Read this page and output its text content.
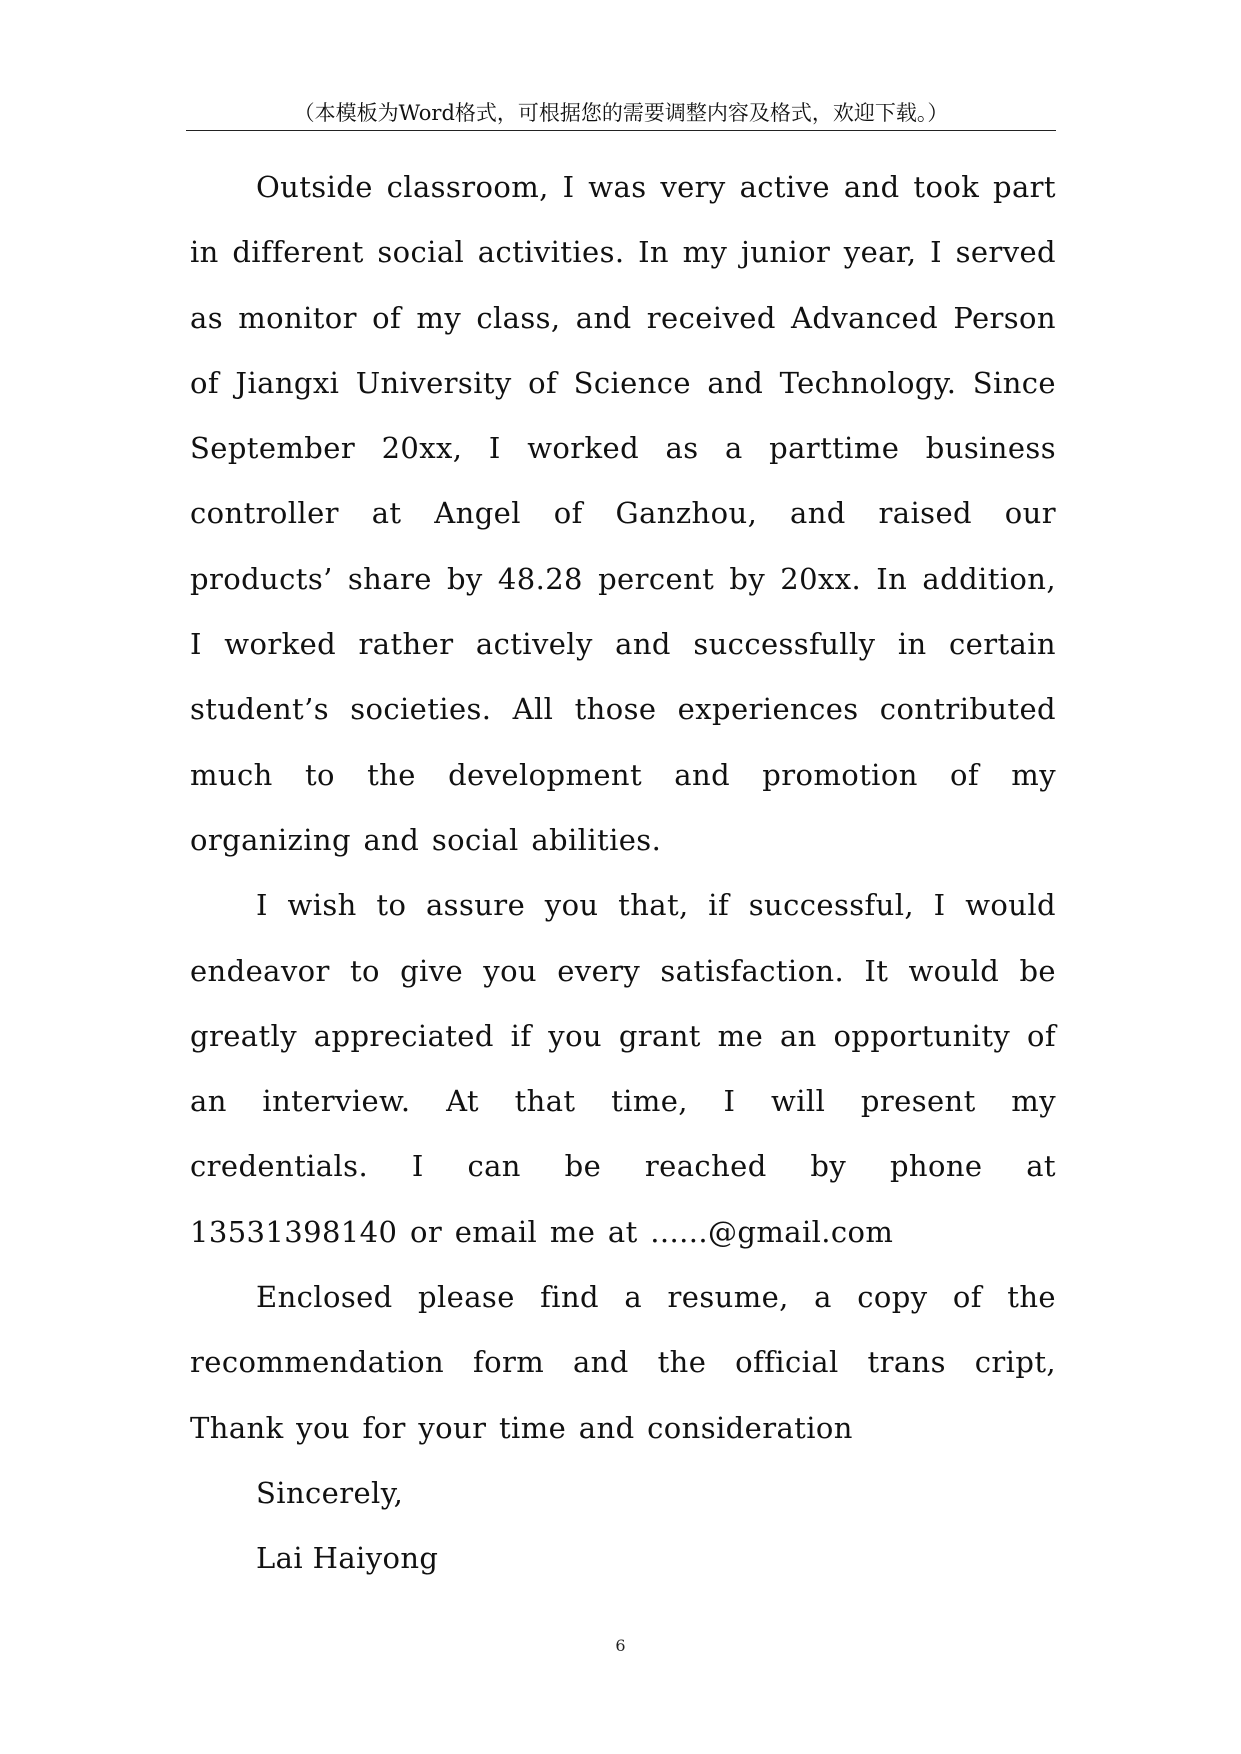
（本模板为Word格式，可根据您的需要调整内容及格式，欢迎下载。）

Outside classroom, I was very active and took part in different social activities. In my junior year, I served as monitor of my class, and received Advanced Person of Jiangxi University of Science and Technology. Since September 20xx, I worked as a parttime business controller at Angel of Ganzhou, and raised our products’ share by 48.28 percent by 20xx. In addition, I worked rather actively and successfully in certain student’s societies. All those experiences contributed much to the development and promotion of my organizing and social abilities.

I wish to assure you that, if successful, I would endeavor to give you every satisfaction. It would be greatly appreciated if you grant me an opportunity of an interview. At that time, I will present my credentials. I can be reached by phone at 13531398140 or email me at ......@gmail.com

Enclosed please find a resume, a copy of the recommendation form and the official trans cript, Thank you for your time and consideration

Sincerely,

Lai Haiyong

6
